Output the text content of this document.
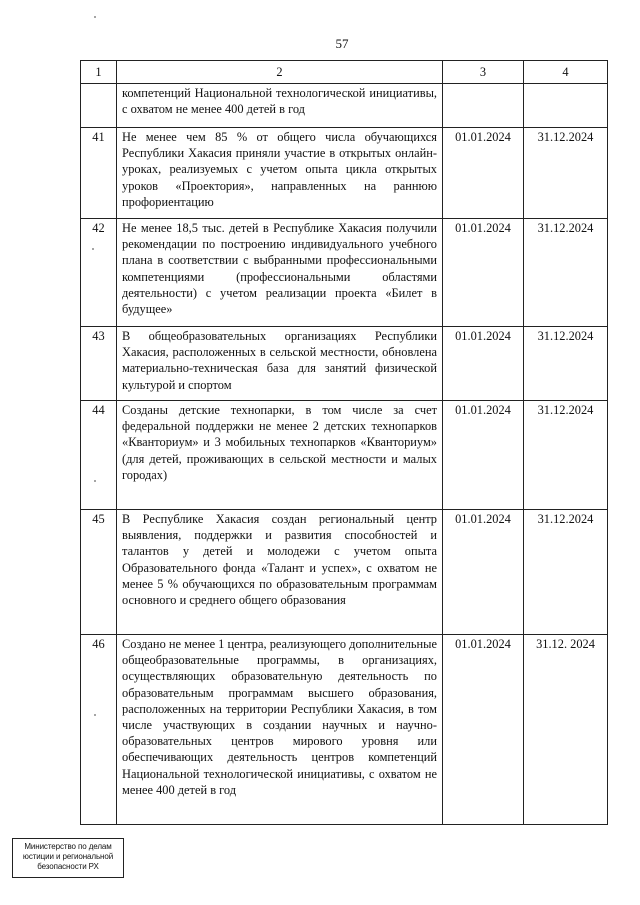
57
1	2	3	4
	компетенций Национальной технологической инициативы, с охватом не менее 400 детей в год		
41	Не менее чем 85 % от общего числа обучающихся Республики Хакасия приняли участие в открытых онлайн-уроках, реализуемых с учетом опыта цикла открытых уроков «Проектория», направленных на раннюю профориентацию	01.01.2024	31.12.2024
42	Не менее 18,5 тыс. детей в Республике Хакасия получили рекомендации по построению индивидуального учебного плана в соответствии с выбранными профессиональными компетенциями (профессиональными областями деятельности) с учетом реализации проекта «Билет в будущее»	01.01.2024	31.12.2024
43	В общеобразовательных организациях Республики Хакасия, расположенных в сельской местности, обновлена материально-техническая база для занятий физической культурой и спортом	01.01.2024	31.12.2024
44	Созданы детские технопарки, в том числе за счет федеральной поддержки не менее 2 детских технопарков «Кванториум» и 3 мобильных технопарков «Кванториум» (для детей, проживающих в сельской местности и малых городах)	01.01.2024	31.12.2024
45	В Республике Хакасия создан региональный центр выявления, поддержки и развития способностей и талантов у детей и молодежи с учетом опыта Образовательного фонда «Талант и успех», с охватом не менее 5 % обучающихся по образовательным программам основного и среднего общего образования	01.01.2024	31.12.2024
46	Создано не менее 1 центра, реализующего дополнительные общеобразовательные программы, в организациях, осуществляющих образовательную деятельность по образовательным программам высшего образования, расположенных на территории Республики Хакасия, в том числе участвующих в создании научных и научно-образовательных центров мирового уровня или обеспечивающих деятельность центров компетенций Национальной технологической инициативы, с охватом не менее 400 детей в год	01.01.2024	31.12. 2024
Министерство по делам
юстиции и региональной
безопасности РХ
